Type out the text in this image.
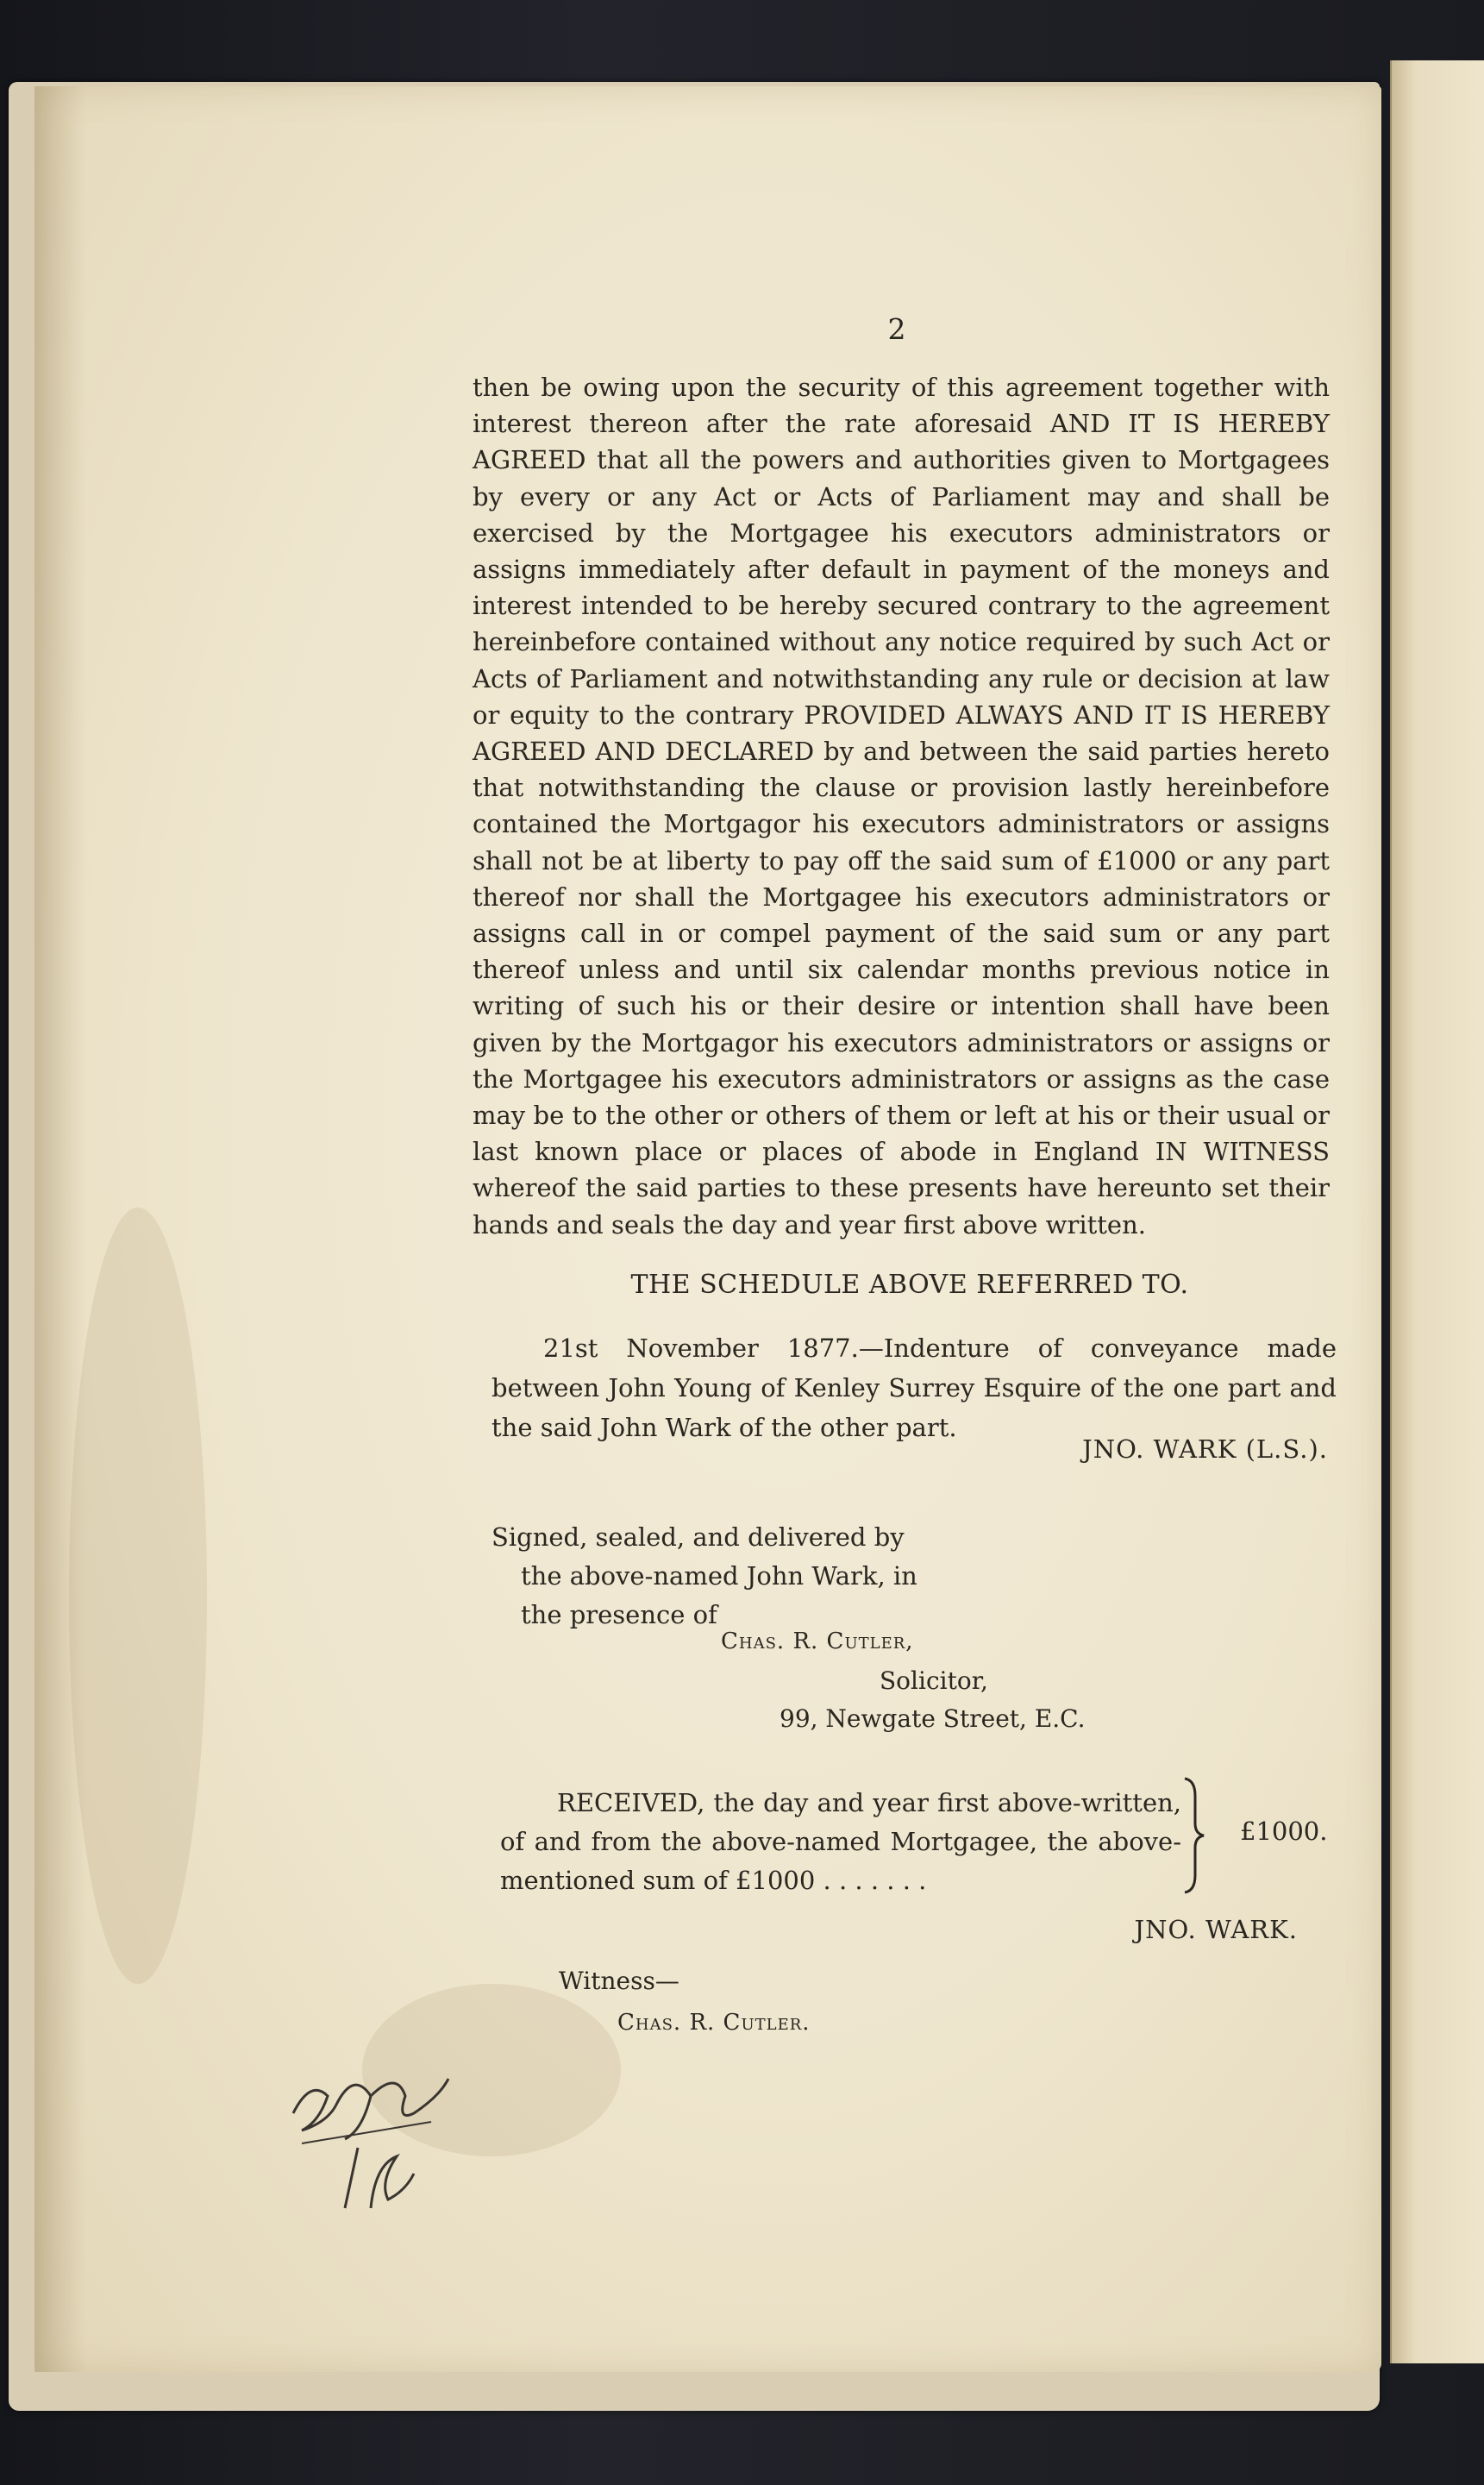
2

then be owing upon the security of this agreement together with interest thereon after the rate aforesaid AND IT IS HEREBY AGREED that all the powers and authorities given to Mortgagees by every or any Act or Acts of Parliament may and shall be exercised by the Mortgagee his executors administrators or assigns immediately after default in payment of the moneys and interest intended to be hereby secured contrary to the agreement hereinbefore contained without any notice required by such Act or Acts of Parliament and notwithstanding any rule or decision at law or equity to the contrary PROVIDED ALWAYS AND IT IS HEREBY AGREED AND DECLARED by and between the said parties hereto that notwithstanding the clause or provision lastly hereinbefore contained the Mortgagor his executors administrators or assigns shall not be at liberty to pay off the said sum of £1000 or any part thereof nor shall the Mortgagee his executors administrators or assigns call in or compel payment of the said sum or any part thereof unless and until six calendar months previous notice in writing of such his or their desire or intention shall have been given by the Mortgagor his executors administrators or assigns or the Mortgagee his executors administrators or assigns as the case may be to the other or others of them or left at his or their usual or last known place or places of abode in England IN WITNESS whereof the said parties to these presents have hereunto set their hands and seals the day and year first above written.

THE SCHEDULE ABOVE REFERRED TO.

21st November 1877.—Indenture of conveyance made between John Young of Kenley Surrey Esquire of the one part and the said John Wark of the other part.

JNO. WARK (L.S.).
Signed, sealed, and delivered by
the above-named John Wark, in
the presence of
Chas. R. Cutler,
Solicitor,
99, Newgate Street, E.C.

RECEIVED, the day and year first above-written, of and from the above-named Mortgagee, the above-mentioned sum of £1000 . . . . . . .

£1000.
JNO. WARK.
Witness—
Chas. R. Cutler.
